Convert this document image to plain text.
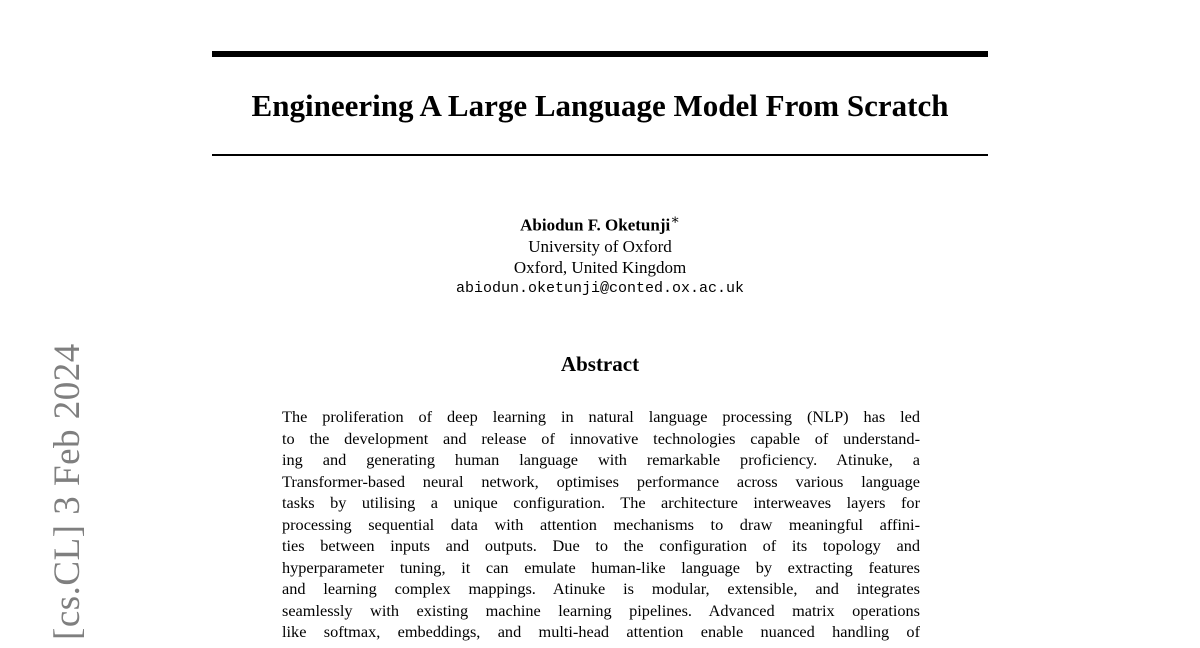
Engineering A Large Language Model From Scratch
Abiodun F. Oketunji∗
University of Oxford
Oxford, United Kingdom
abiodun.oketunji@conted.ox.ac.uk
Abstract
The proliferation of deep learning in natural language processing (NLP) has led
to the development and release of innovative technologies capable of understand-
ing and generating human language with remarkable proficiency. Atinuke, a
Transformer-based neural network, optimises performance across various language
tasks by utilising a unique configuration. The architecture interweaves layers for
processing sequential data with attention mechanisms to draw meaningful affini-
ties between inputs and outputs. Due to the configuration of its topology and
hyperparameter tuning, it can emulate human-like language by extracting features
and learning complex mappings. Atinuke is modular, extensible, and integrates
seamlessly with existing machine learning pipelines. Advanced matrix operations
like softmax, embeddings, and multi-head attention enable nuanced handling of
[cs.CL] 3 Feb 2024
